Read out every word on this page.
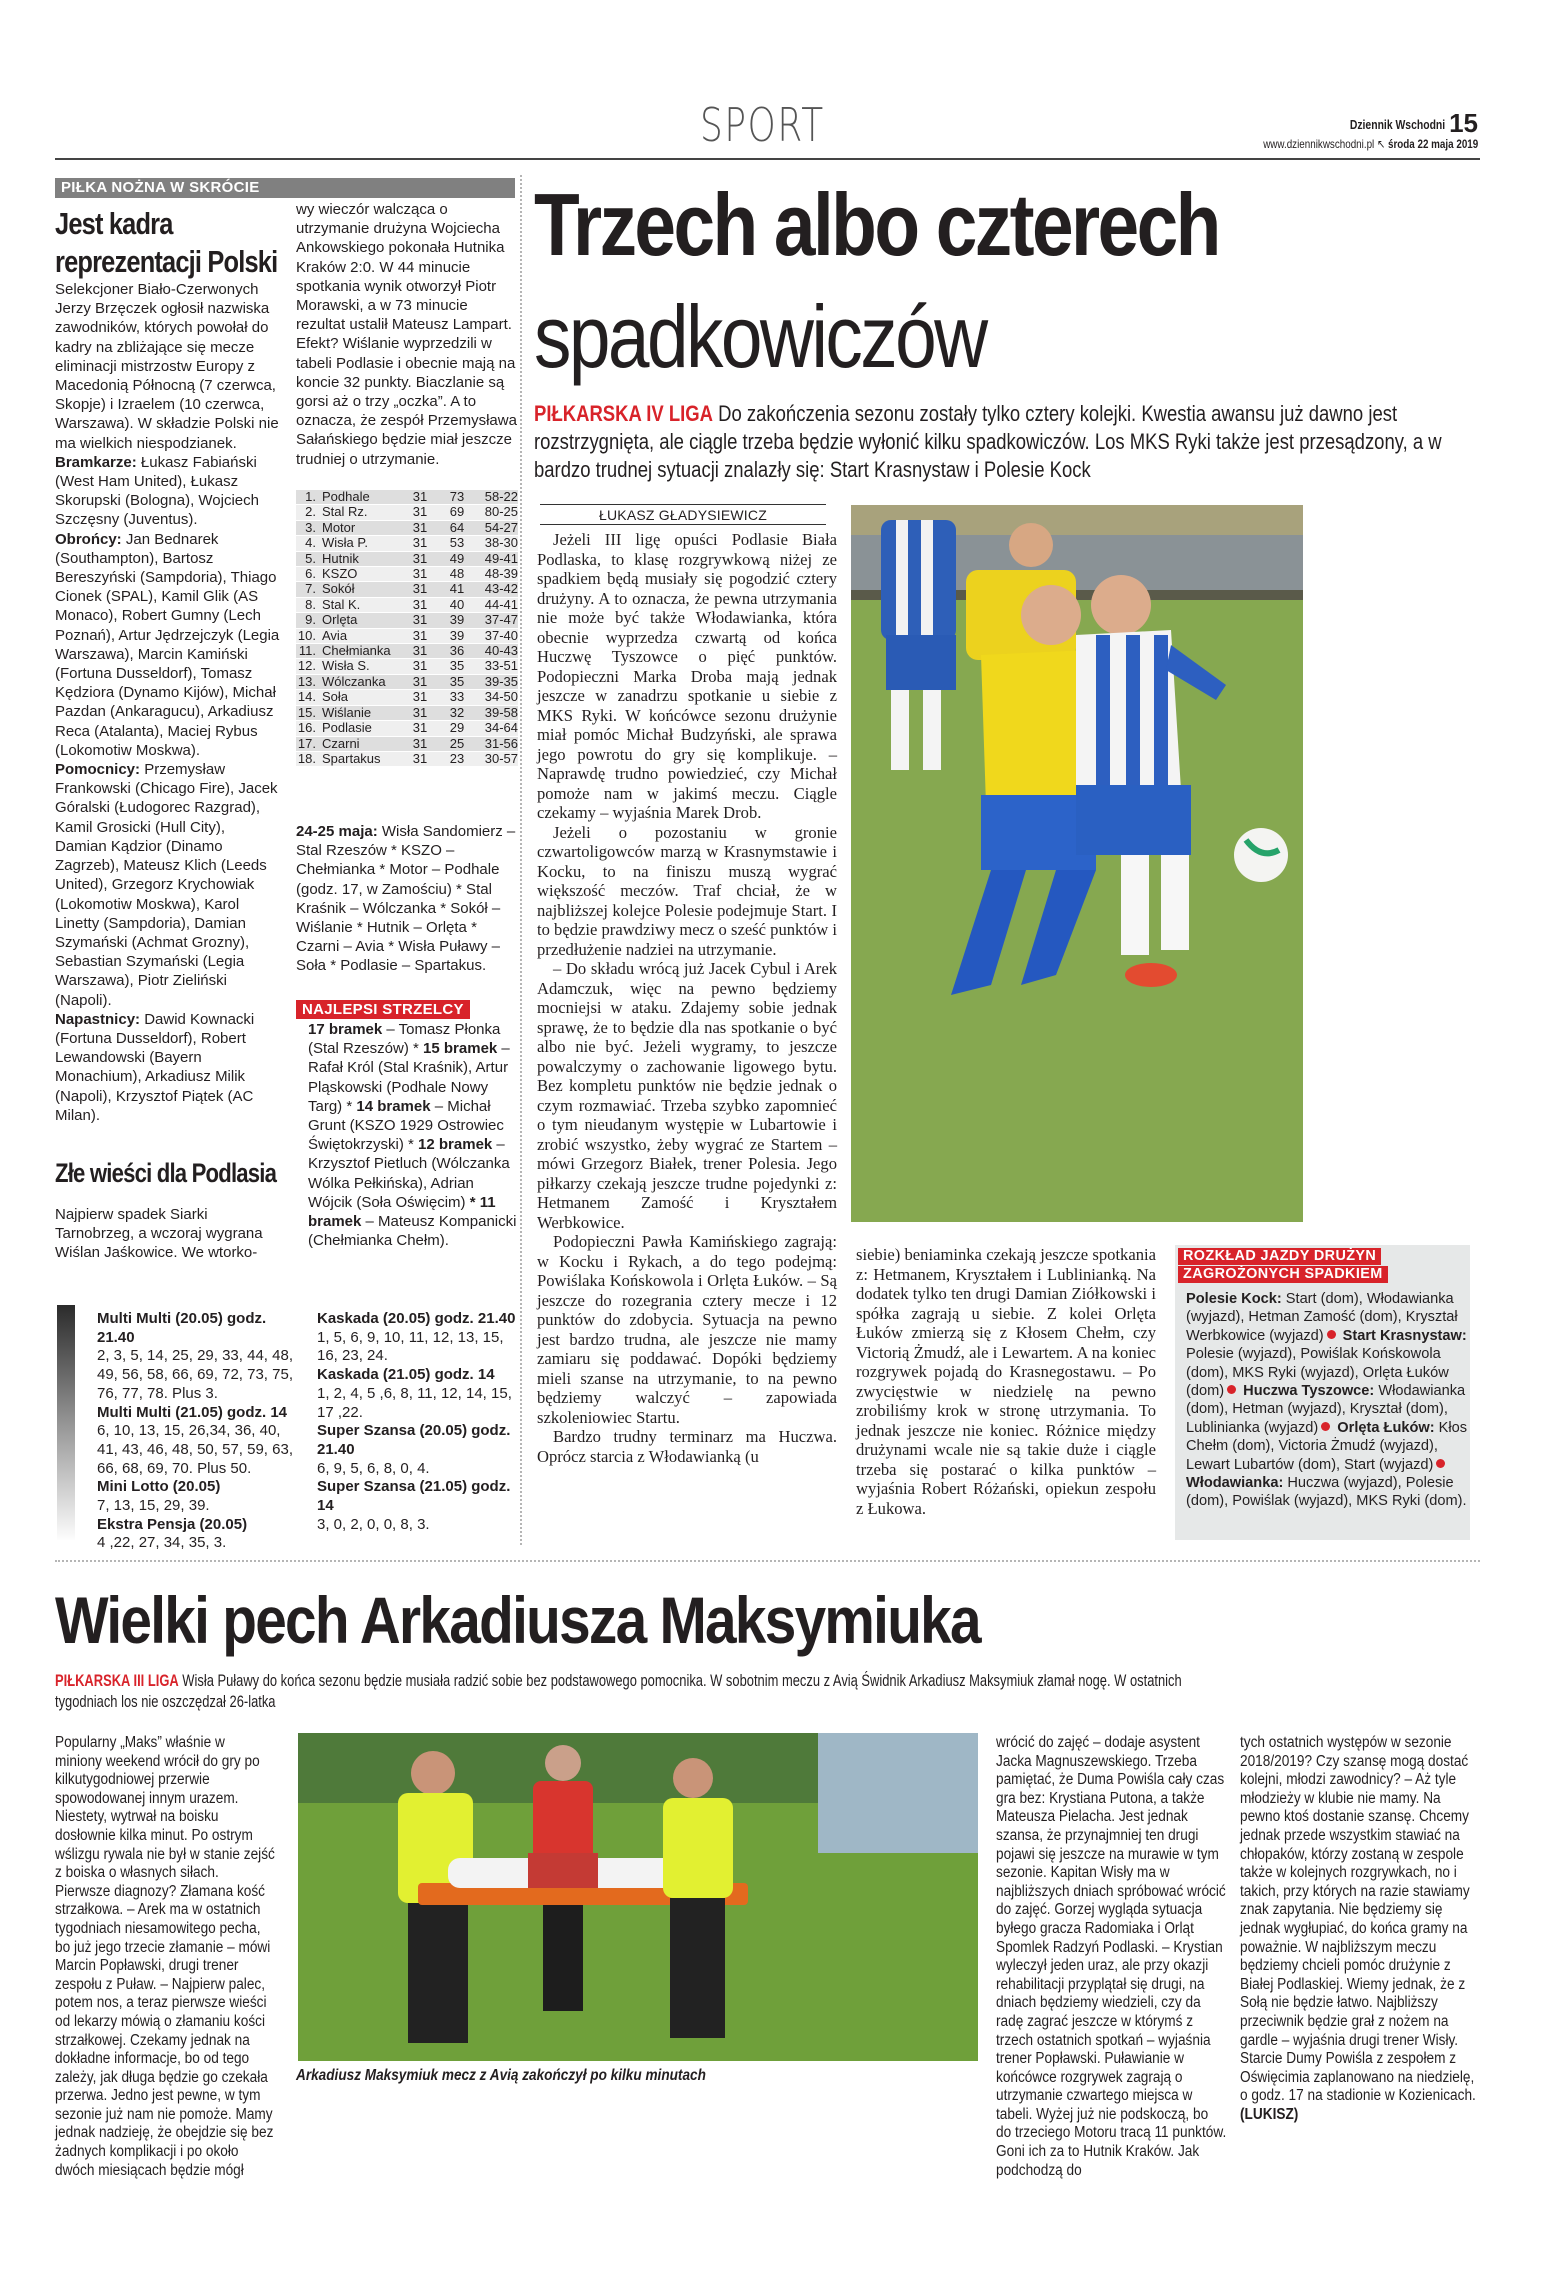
SPORT	Dziennik Wschodni 15
www.dziennikwschodni.pl ↖ środa 22 maja 2019
PIŁKA NOŻNA W SKRÓCIE
Jest kadra reprezentacji Polski
Selekcjoner Biało-Czerwonych Jerzy Brzęczek ogłosił nazwiska zawodników, których powołał do kadry na zbliżające się mecze eliminacji mistrzostw Europy z Macedonią Północną (7 czerwca, Skopje) i Izraelem (10 czerwca, Warszawa). W składzie Polski nie ma wielkich niespodzianek.
Bramkarze: Łukasz Fabiański (West Ham United), Łukasz Skorupski (Bologna), Wojciech Szczęsny (Juventus).
Obrońcy: Jan Bednarek (Southampton), Bartosz Bereszyński (Sampdoria), Thiago Cionek (SPAL), Kamil Glik (AS Monaco), Robert Gumny (Lech Poznań), Artur Jędrzejczyk (Legia Warszawa), Marcin Kamiński (Fortuna Dusseldorf), Tomasz Kędziora (Dynamo Kijów), Michał Pazdan (Ankaragucu), Arkadiusz Reca (Atalanta), Maciej Rybus (Lokomotiw Moskwa).
Pomocnicy: Przemysław Frankowski (Chicago Fire), Jacek Góralski (Łudogorec Razgrad), Kamil Grosicki (Hull City), Damian Kądzior (Dinamo Zagrzeb), Mateusz Klich (Leeds United), Grzegorz Krychowiak (Lokomotiw Moskwa), Karol Linetty (Sampdoria), Damian Szymański (Achmat Grozny), Sebastian Szymański (Legia Warszawa), Piotr Zieliński (Napoli).
Napastnicy: Dawid Kownacki (Fortuna Dusseldorf), Robert Lewandowski (Bayern Monachium), Arkadiusz Milik (Napoli), Krzysztof Piątek (AC Milan).
Złe wieści dla Podlasia
Najpierw spadek Siarki Tarnobrzeg, a wczoraj wygrana Wiślan Jaśkowice. We wtorko-
wy wieczór walcząca o utrzymanie drużyna Wojciecha Ankowskiego pokonała Hutnika Kraków 2:0. W 44 minucie spotkania wynik otworzył Piotr Morawski, a w 73 minucie rezultat ustalił Mateusz Lampart. Efekt? Wiślanie wyprzedzili w tabeli Podlasie i obecnie mają na koncie 32 punkty. Biaczlanie są gorsi aż o trzy „oczka”. A to oznacza, że zespół Przemysława Sałańskiego będzie miał jeszcze trudniej o utrzymanie.
1.	Podhale	31	73	58-22
2.	Stal Rz.	31	69	80-25
3.	Motor	31	64	54-27
4.	Wisła P.	31	53	38-30
5.	Hutnik	31	49	49-41
6.	KSZO	31	48	48-39
7.	Sokół	31	41	43-42
8.	Stal K.	31	40	44-41
9.	Orlęta	31	39	37-47
10.	Avia	31	39	37-40
11.	Chełmianka	31	36	40-43
12.	Wisła S.	31	35	33-51
13.	Wólczanka	31	35	39-35
14.	Soła	31	33	34-50
15.	Wiślanie	31	32	39-58
16.	Podlasie	31	29	34-64
17.	Czarni	31	25	31-56
18.	Spartakus	31	23	30-57
24-25 maja: Wisła Sandomierz – Stal Rzeszów * KSZO – Chełmianka * Motor – Podhale (godz. 17, w Zamościu) * Stal Kraśnik – Wólczanka * Sokół – Wiślanie * Hutnik – Orlęta * Czarni – Avia * Wisła Puławy – Soła * Podlasie – Spartakus.
NAJLEPSI STRZELCY
17 bramek – Tomasz Płonka (Stal Rzeszów) * 15 bramek – Rafał Król (Stal Kraśnik), Artur Pląskowski (Podhale Nowy Targ) * 14 bramek – Michał Grunt (KSZO 1929 Ostrowiec Świętokrzyski) * 12 bramek – Krzysztof Pietluch (Wólczanka Wólka Pełkińska), Adrian Wójcik (Soła Oświęcim) * 11 bramek – Mateusz Kompanicki (Chełmianka Chełm).
Multi Multi (20.05) godz. 21.40
2, 3, 5, 14, 25, 29, 33, 44, 48, 49, 56, 58, 66, 69, 72, 73, 75, 76, 77, 78. Plus 3.
Multi Multi (21.05) godz. 14
6, 10, 13, 15, 26,34, 36, 40, 41, 43, 46, 48, 50, 57, 59, 63, 66, 68, 69, 70. Plus 50.
Mini Lotto (20.05)
7, 13, 15, 29, 39.
Ekstra Pensja (20.05)
4 ,22, 27, 34, 35, 3.
Kaskada (20.05) godz. 21.40
1, 5, 6, 9, 10, 11, 12, 13, 15, 16, 23, 24.
Kaskada (21.05) godz. 14
1, 2, 4, 5 ,6, 8, 11, 12, 14, 15, 17 ,22.
Super Szansa (20.05) godz. 21.40
6, 9, 5, 6, 8, 0, 4.
Super Szansa (21.05) godz. 14
3, 0, 2, 0, 0, 8, 3.
Trzech albo czterech
spadkowiczów
PIŁKARSKA IV LIGA Do zakończenia sezonu zostały tylko cztery kolejki. Kwestia awansu już dawno jest rozstrzygnięta, ale ciągle trzeba będzie wyłonić kilku spadkowiczów. Los MKS Ryki także jest przesądzony, a w bardzo trudnej sytuacji znalazły się: Start Krasnystaw i Polesie Kock
ŁUKASZ GŁADYSIEWICZ

Jeżeli III ligę opuści Podlasie Biała Podlaska, to klasę rozgrywkową niżej ze spadkiem będą musiały się pogodzić cztery drużyny. A to oznacza, że pewna utrzymania nie może być także Włodawianka, która obecnie wyprzedza czwartą od końca Huczwę Tyszowce o pięć punktów. Podopieczni Marka Droba mają jednak jeszcze w zanadrzu spotkanie u siebie z MKS Ryki. W końcówce sezonu drużynie miał pomóc Michał Budzyński, ale sprawa jego powrotu do gry się komplikuje. – Naprawdę trudno powiedzieć, czy Michał pomoże nam w jakimś meczu. Ciągle czekamy – wyjaśnia Marek Drob.

Jeżeli o pozostaniu w gronie czwartoligowców marzą w Krasnymstawie i Kocku, to na finiszu muszą wygrać większość meczów. Traf chciał, że w najbliższej kolejce Polesie podejmuje Start. I to będzie prawdziwy mecz o sześć punktów i przedłużenie nadziei na utrzymanie.

– Do składu wrócą już Jacek Cybul i Arek Adamczuk, więc na pewno będziemy mocniejsi w ataku. Zdajemy sobie jednak sprawę, że to będzie dla nas spotkanie o być albo nie być. Jeżeli wygramy, to jeszcze powalczymy o zachowanie ligowego bytu. Bez kompletu punktów nie będzie jednak o czym rozmawiać. Trzeba szybko zapomnieć o tym nieudanym występie w Lubartowie i zrobić wszystko, żeby wygrać ze Startem – mówi Grzegorz Białek, trener Polesia. Jego piłkarzy czekają jeszcze trudne pojedynki z: Hetmanem Zamość i Kryształem Werbkowice.

Podopieczni Pawła Kamińskiego zagrają: w Kocku i Rykach, a do tego podejmą: Powiślaka Końskowola i Orlęta Łuków. – Są jeszcze do rozegrania cztery mecze i 12 punktów do zdobycia. Sytuacja na pewno jest bardzo trudna, ale jeszcze nie mamy zamiaru się poddawać. Dopóki będziemy mieli szanse na utrzymanie, to na pewno będziemy walczyć – zapowiada szkoleniowiec Startu.

Bardzo trudny terminarz ma Huczwa. Oprócz starcia z Włodawianką (u

siebie) beniaminka czekają jeszcze spotkania z: Hetmanem, Kryształem i Lublinianką. Na dodatek tylko ten drugi Damian Ziółkowski i spółka zagrają u siebie. Z kolei Orlęta Łuków zmierzą się z Kłosem Chełm, czy Victorią Żmudź, ale i Lewartem. A na koniec rozgrywek pojadą do Krasnegostawu. – Po zwycięstwie w niedzielę na pewno zrobiliśmy krok w stronę utrzymania. To jednak jeszcze nie koniec. Różnice między drużynami wcale nie są takie duże i ciągle trzeba się postarać o kilka punktów – wyjaśnia Robert Różański, opiekun zespołu z Łukowa.
ROZKŁAD JAZDY DRUŻYN
ZAGROŻONYCH SPADKIEM
Polesie Kock: Start (dom), Włodawianka (wyjazd), Hetman Zamość (dom), Kryształ Werbkowice (wyjazd) Start Krasnystaw: Polesie (wyjazd), Powiślak Końskowola (dom), MKS Ryki (wyjazd), Orlęta Łuków (dom) Huczwa Tyszowce: Włodawianka (dom), Hetman (wyjazd), Kryształ (dom), Lublinianka (wyjazd) Orlęta Łuków: Kłos Chełm (dom), Victoria Żmudź (wyjazd), Lewart Lubartów (dom), Start (wyjazd) Włodawianka: Huczwa (wyjazd), Polesie (dom), Powiślak (wyjazd), MKS Ryki (dom).
Wielki pech Arkadiusza Maksymiuka
PIŁKARSKA III LIGA Wisła Puławy do końca sezonu będzie musiała radzić sobie bez podstawowego pomocnika. W sobotnim meczu z Avią Świdnik Arkadiusz Maksymiuk złamał nogę. W ostatnich tygodniach los nie oszczędzał 26-latka
Popularny „Maks” właśnie w miniony weekend wrócił do gry po kilkutygodniowej przerwie spowodowanej innym urazem. Niestety, wytrwał na boisku dosłownie kilka minut. Po ostrym wślizgu rywala nie był w stanie zejść z boiska o własnych siłach. Pierwsze diagnozy? Złamana kość strzałkowa. – Arek ma w ostatnich tygodniach niesamowitego pecha, bo już jego trzecie złamanie – mówi Marcin Popławski, drugi trener zespołu z Puław. – Najpierw palec, potem nos, a teraz pierwsze wieści od lekarzy mówią o złamaniu kości strzałkowej. Czekamy jednak na dokładne informacje, bo od tego zależy, jak długa będzie go czekała przerwa. Jedno jest pewne, w tym sezonie już nam nie pomoże. Mamy jednak nadzieję, że obejdzie się bez żadnych komplikacji i po około dwóch miesiącach będzie mógł
Arkadiusz Maksymiuk mecz z Avią zakończył po kilku minutach
wrócić do zajęć – dodaje asystent Jacka Magnuszewskiego. Trzeba pamiętać, że Duma Powiśla cały czas gra bez: Krystiana Putona, a także Mateusza Pielacha. Jest jednak szansa, że przynajmniej ten drugi pojawi się jeszcze na murawie w tym sezonie. Kapitan Wisły ma w najbliższych dniach spróbować wrócić do zajęć. Gorzej wygląda sytuacja byłego gracza Radomiaka i Orląt Spomlek Radzyń Podlaski. – Krystian wyleczył jeden uraz, ale przy okazji rehabilitacji przyplątał się drugi, na dniach będziemy wiedzieli, czy da radę zagrać jeszcze w którymś z trzech ostatnich spotkań – wyjaśnia trener Popławski. Puławianie w końcówce rozgrywek zagrają o utrzymanie czwartego miejsca w tabeli. Wyżej już nie podskoczą, bo do trzeciego Motoru tracą 11 punktów. Goni ich za to Hutnik Kraków. Jak podchodzą do
tych ostatnich występów w sezonie 2018/2019? Czy szansę mogą dostać kolejni, młodzi zawodnicy? – Aż tyle młodzieży w klubie nie mamy. Na pewno ktoś dostanie szansę. Chcemy jednak przede wszystkim stawiać na chłopaków, którzy zostaną w zespole także w kolejnych rozgrywkach, no i takich, przy których na razie stawiamy znak zapytania. Nie będziemy się jednak wygłupiać, do końca gramy na poważnie. W najbliższym meczu będziemy chcieli pomóc drużynie z Białej Podlaskiej. Wiemy jednak, że z Sołą nie będzie łatwo. Najbliższy przeciwnik będzie grał z nożem na gardle – wyjaśnia drugi trener Wisły. Starcie Dumy Powiśla z zespołem z Oświęcimia zaplanowano na niedzielę, o godz. 17 na stadionie w Kozienicach. (LUKISZ)
